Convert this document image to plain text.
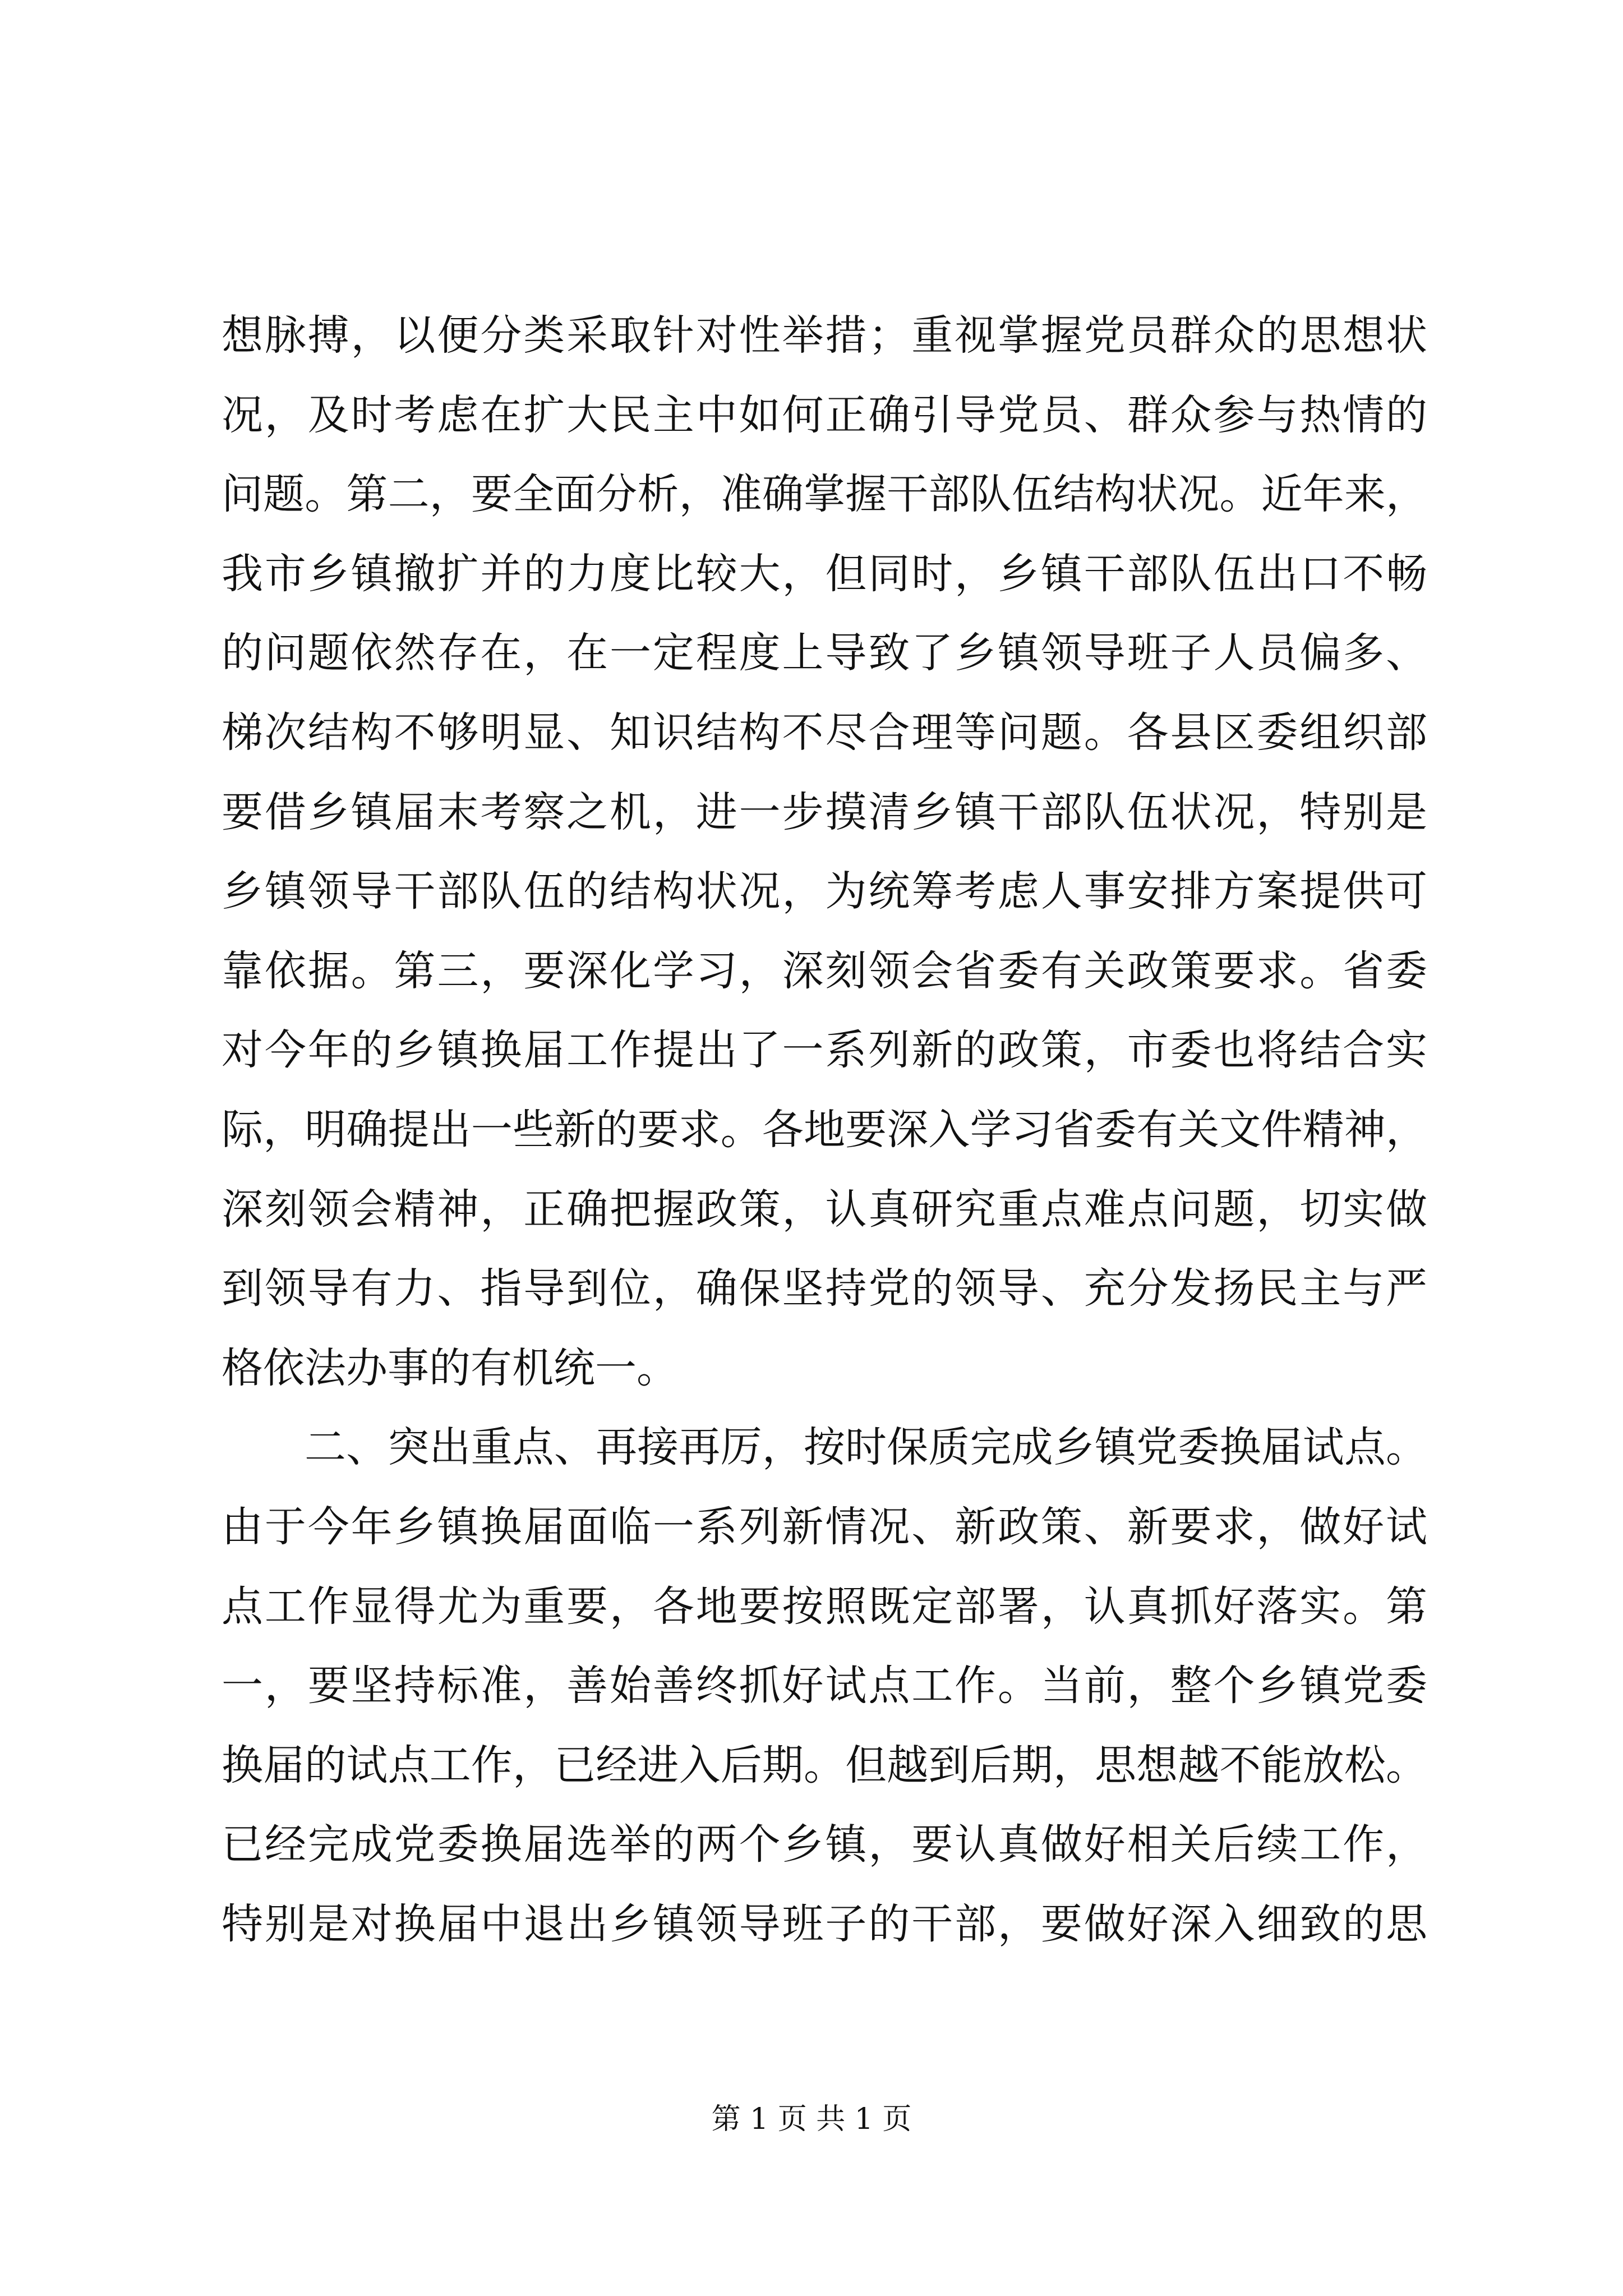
想脉搏，以便分类采取针对性举措；重视掌握党员群众的思想状
况，及时考虑在扩大民主中如何正确引导党员、群众参与热情的
问题。第二，要全面分析，准确掌握干部队伍结构状况。近年来，
我市乡镇撤扩并的力度比较大，但同时，乡镇干部队伍出口不畅
的问题依然存在，在一定程度上导致了乡镇领导班子人员偏多、
梯次结构不够明显、知识结构不尽合理等问题。各县区委组织部
要借乡镇届末考察之机，进一步摸清乡镇干部队伍状况，特别是
乡镇领导干部队伍的结构状况，为统筹考虑人事安排方案提供可
靠依据。第三，要深化学习，深刻领会省委有关政策要求。省委
对今年的乡镇换届工作提出了一系列新的政策，市委也将结合实
际，明确提出一些新的要求。各地要深入学习省委有关文件精神，
深刻领会精神，正确把握政策，认真研究重点难点问题，切实做
到领导有力、指导到位，确保坚持党的领导、充分发扬民主与严
格依法办事的有机统一。
二、突出重点、再接再厉，按时保质完成乡镇党委换届试点。
由于今年乡镇换届面临一系列新情况、新政策、新要求，做好试
点工作显得尤为重要，各地要按照既定部署，认真抓好落实。第
一，要坚持标准，善始善终抓好试点工作。当前，整个乡镇党委
换届的试点工作，已经进入后期。但越到后期，思想越不能放松。
已经完成党委换届选举的两个乡镇，要认真做好相关后续工作，
特别是对换届中退出乡镇领导班子的干部，要做好深入细致的思
第 1 页 共 1 页
